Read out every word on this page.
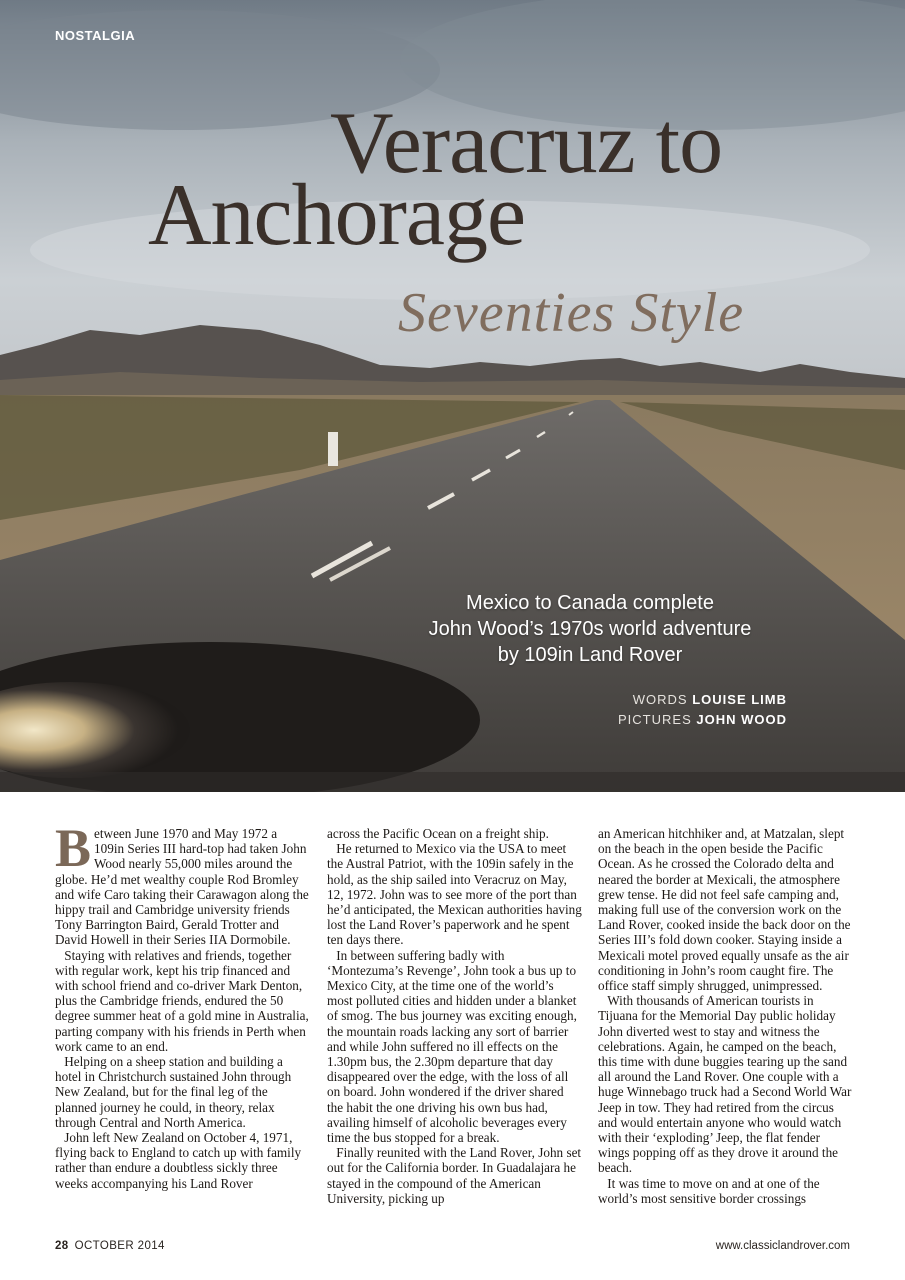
NOSTALGIA
Veracruz to
Anchorage
Seventies Style
Mexico to Canada complete
John Wood’s 1970s world adventure
by 109in Land Rover
WORDS LOUISE LIMB
PICTURES JOHN WOOD

Between June 1970 and May 1972 a 109in Series III hard-top had taken John Wood nearly 55,000 miles around the globe. He’d met wealthy couple Rod Bromley and wife Caro taking their Carawagon along the hippy trail and Cambridge university friends Tony Barrington Baird, Gerald Trotter and David Howell in their Series IIA Dormobile.

Staying with relatives and friends, together with regular work, kept his trip financed and with school friend and co-driver Mark Denton, plus the Cambridge friends, endured the 50 degree summer heat of a gold mine in Australia, parting company with his friends in Perth when work came to an end.

Helping on a sheep station and building a hotel in Christchurch sustained John through New Zealand, but for the final leg of the planned journey he could, in theory, relax through Central and North America.

John left New Zealand on October 4, 1971, flying back to England to catch up with family rather than endure a doubtless sickly three weeks accompanying his Land Rover

across the Pacific Ocean on a freight ship.

He returned to Mexico via the USA to meet the Austral Patriot, with the 109in safely in the hold, as the ship sailed into Veracruz on May, 12, 1972. John was to see more of the port than he’d anticipated, the Mexican authorities having lost the Land Rover’s paperwork and he spent ten days there.

In between suffering badly with ‘Montezuma’s Revenge’, John took a bus up to Mexico City, at the time one of the world’s most polluted cities and hidden under a blanket of smog. The bus journey was exciting enough, the mountain roads lacking any sort of barrier and while John suffered no ill effects on the 1.30pm bus, the 2.30pm departure that day disappeared over the edge, with the loss of all on board. John wondered if the driver shared the habit the one driving his own bus had, availing himself of alcoholic beverages every time the bus stopped for a break.

Finally reunited with the Land Rover, John set out for the California border. In Guadalajara he stayed in the compound of the American University, picking up

an American hitchhiker and, at Matzalan, slept on the beach in the open beside the Pacific Ocean. As he crossed the Colorado delta and neared the border at Mexicali, the atmosphere grew tense. He did not feel safe camping and, making full use of the conversion work on the Land Rover, cooked inside the back door on the Series III’s fold down cooker. Staying inside a Mexicali motel proved equally unsafe as the air conditioning in John’s room caught fire. The office staff simply shrugged, unimpressed.

With thousands of American tourists in Tijuana for the Memorial Day public holiday John diverted west to stay and witness the celebrations. Again, he camped on the beach, this time with dune buggies tearing up the sand all around the Land Rover. One couple with a huge Winnebago truck had a Second World War Jeep in tow. They had retired from the circus and would entertain anyone who would watch with their ‘exploding’ Jeep, the flat fender wings popping off as they drove it around the beach.

It was time to move on and at one of the world’s most sensitive border crossings

28 OCTOBER 2014	www.classiclandrover.com
